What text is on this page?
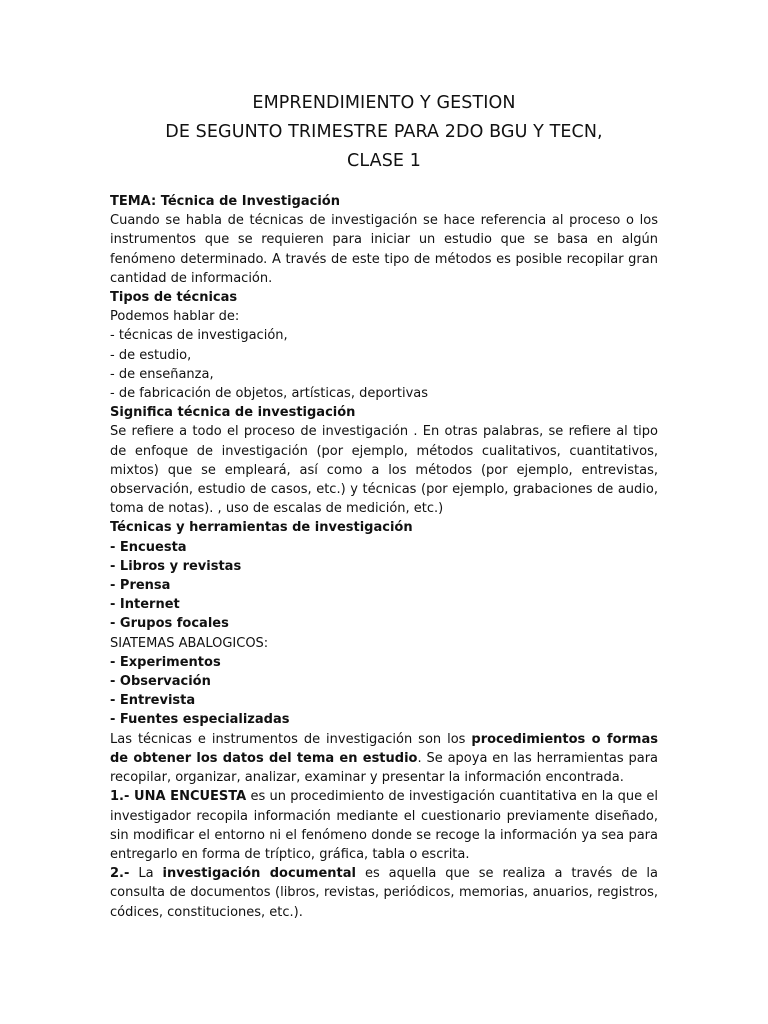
EMPRENDIMIENTO Y GESTION
DE SEGUNTO TRIMESTRE PARA 2DO BGU Y TECN,
CLASE 1

TEMA: Técnica de Investigación

Cuando se habla de técnicas de investigación se hace referencia al proceso o los instrumentos que se requieren para iniciar un estudio que se basa en algún fenómeno determinado. A través de este tipo de métodos es posible recopilar gran cantidad de información.

Tipos de técnicas

Podemos hablar de:

- técnicas de investigación,

- de estudio,

- de enseñanza,

- de fabricación de objetos, artísticas, deportivas

Significa técnica de investigación

Se refiere a todo el proceso de investigación . En otras palabras, se refiere al tipo de enfoque de investigación (por ejemplo, métodos cualitativos, cuantitativos, mixtos) que se empleará, así como a los métodos (por ejemplo, entrevistas, observación, estudio de casos, etc.) y técnicas (por ejemplo, grabaciones de audio, toma de notas). , uso de escalas de medición, etc.)

Técnicas y herramientas de investigación

- Encuesta

- Libros y revistas

- Prensa

- Internet

- Grupos focales

SIATEMAS ABALOGICOS:

- Experimentos

- Observación

- Entrevista

- Fuentes especializadas

Las técnicas e instrumentos de investigación son los procedimientos o formas de obtener los datos del tema en estudio. Se apoya en las herramientas para recopilar, organizar, analizar, examinar y presentar la información encontrada.

1.- UNA ENCUESTA es un procedimiento de investigación cuantitativa en la que el investigador recopila información mediante el cuestionario previamente diseñado, sin modificar el entorno ni el fenómeno donde se recoge la información ya sea para entregarlo en forma de tríptico, gráfica, tabla o escrita.

2.- La investigación documental es aquella que se realiza a través de la consulta de documentos (libros, revistas, periódicos, memorias, anuarios, registros, códices, constituciones, etc.).
